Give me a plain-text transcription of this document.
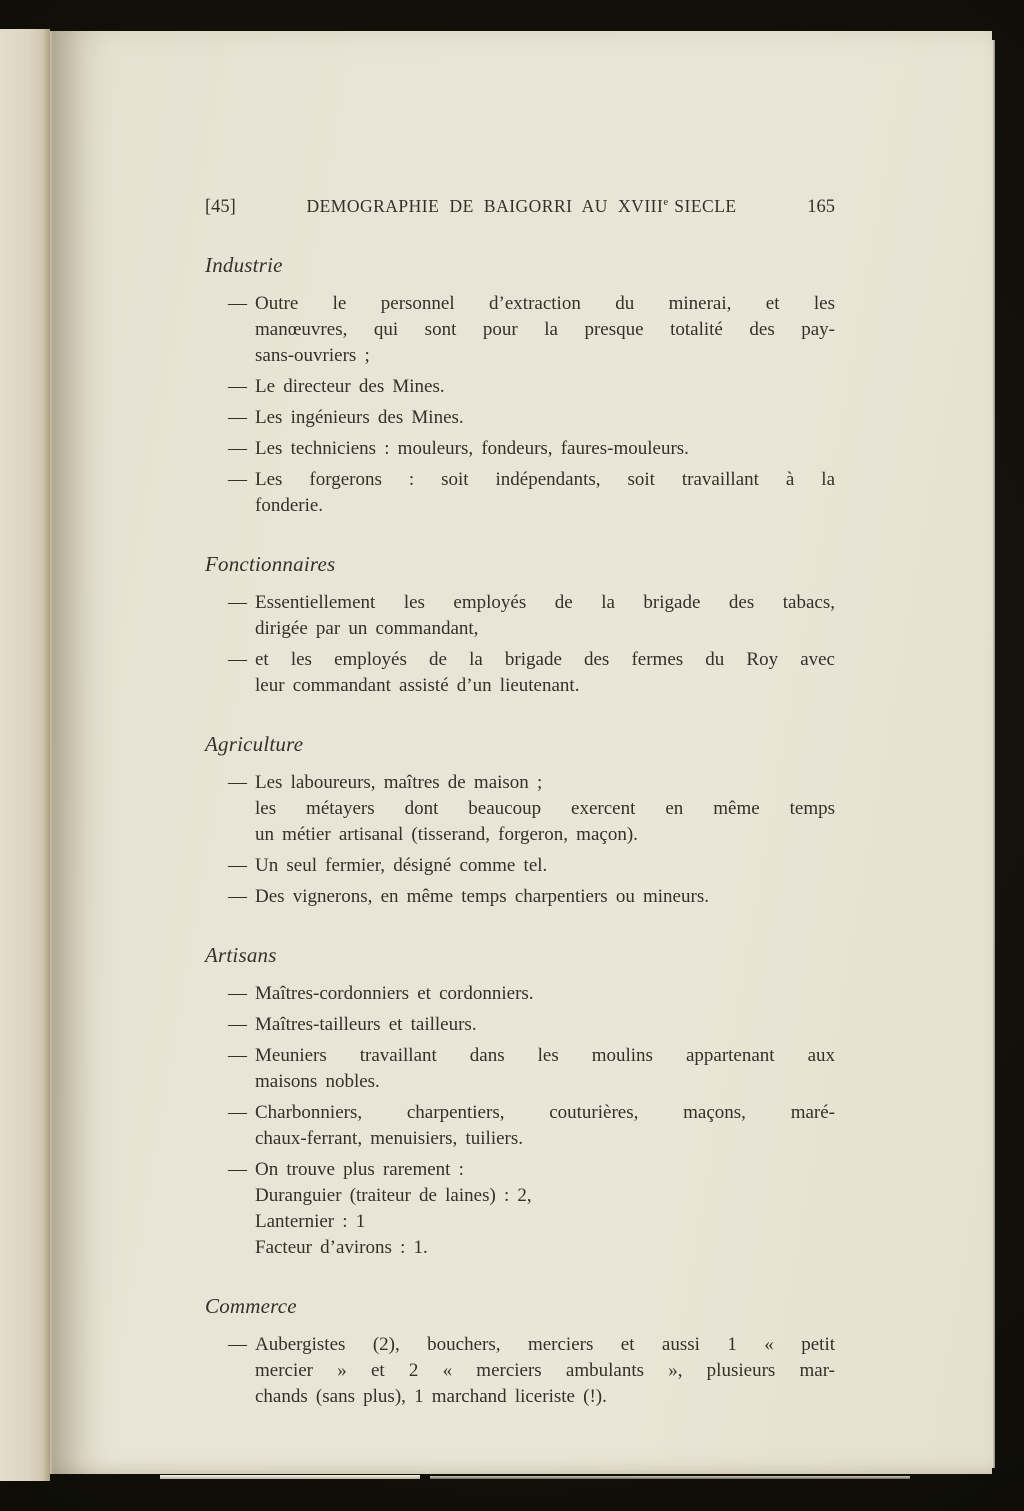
[45]	DEMOGRAPHIE DE BAIGORRI AU XVIIIe SIECLE	165
Industrie
— Outre le personnel d’extraction du minerai, et les
manœuvres, qui sont pour la presque totalité des pay-
sans-ouvriers ;
— Le directeur des Mines.
— Les ingénieurs des Mines.
— Les techniciens : mouleurs, fondeurs, faures-mouleurs.
— Les forgerons : soit indépendants, soit travaillant à la
fonderie.
Fonctionnaires
— Essentiellement les employés de la brigade des tabacs,
dirigée par un commandant,
— et les employés de la brigade des fermes du Roy avec
leur commandant assisté d’un lieutenant.
Agriculture
— Les laboureurs, maîtres de maison ;
les métayers dont beaucoup exercent en même temps
un métier artisanal (tisserand, forgeron, maçon).
— Un seul fermier, désigné comme tel.
— Des vignerons, en même temps charpentiers ou mineurs.
Artisans
— Maîtres-cordonniers et cordonniers.
— Maîtres-tailleurs et tailleurs.
— Meuniers travaillant dans les moulins appartenant aux
maisons nobles.
— Charbonniers, charpentiers, couturières, maçons, maré-
chaux-ferrant, menuisiers, tuiliers.
— On trouve plus rarement :
Duranguier (traiteur de laines) : 2,
Lanternier : 1
Facteur d’avirons : 1.
Commerce
— Aubergistes (2), bouchers, merciers et aussi 1 « petit
mercier » et 2 « merciers ambulants », plusieurs mar-
chands (sans plus), 1 marchand liceriste (!).
